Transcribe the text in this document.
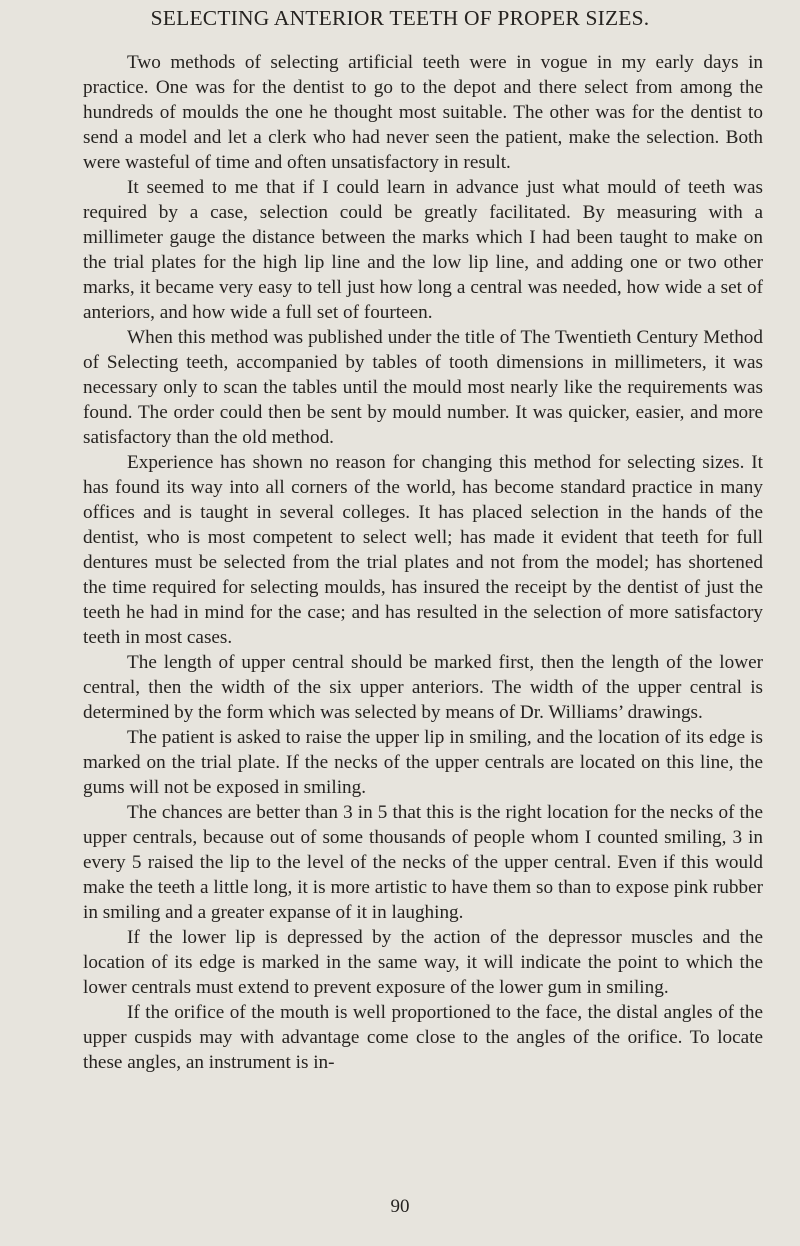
SELECTING ANTERIOR TEETH OF PROPER SIZES.

Two methods of selecting artificial teeth were in vogue in my early days in practice. One was for the dentist to go to the depot and there select from among the hundreds of moulds the one he thought most suitable. The other was for the dentist to send a model and let a clerk who had never seen the patient, make the selection. Both were wasteful of time and often unsatisfactory in result.

It seemed to me that if I could learn in advance just what mould of teeth was required by a case, selection could be greatly facilitated. By measuring with a millimeter gauge the distance between the marks which I had been taught to make on the trial plates for the high lip line and the low lip line, and adding one or two other marks, it became very easy to tell just how long a central was needed, how wide a set of anteriors, and how wide a full set of fourteen.

When this method was published under the title of The Twentieth Century Method of Selecting teeth, accompanied by tables of tooth dimensions in millimeters, it was necessary only to scan the tables until the mould most nearly like the requirements was found. The order could then be sent by mould number. It was quicker, easier, and more satisfactory than the old method.

Experience has shown no reason for changing this method for selecting sizes. It has found its way into all corners of the world, has become standard practice in many offices and is taught in several colleges. It has placed selection in the hands of the dentist, who is most competent to select well; has made it evident that teeth for full dentures must be selected from the trial plates and not from the model; has shortened the time required for selecting moulds, has insured the receipt by the dentist of just the teeth he had in mind for the case; and has resulted in the selection of more satisfactory teeth in most cases.

The length of upper central should be marked first, then the length of the lower central, then the width of the six upper anteriors. The width of the upper central is determined by the form which was selected by means of Dr. Williams’ drawings.

The patient is asked to raise the upper lip in smiling, and the location of its edge is marked on the trial plate. If the necks of the upper centrals are located on this line, the gums will not be exposed in smiling.

The chances are better than 3 in 5 that this is the right location for the necks of the upper centrals, because out of some thousands of people whom I counted smiling, 3 in every 5 raised the lip to the level of the necks of the upper central. Even if this would make the teeth a little long, it is more artistic to have them so than to expose pink rubber in smiling and a greater expanse of it in laughing.

If the lower lip is depressed by the action of the depressor muscles and the location of its edge is marked in the same way, it will indicate the point to which the lower centrals must extend to prevent exposure of the lower gum in smiling.

If the orifice of the mouth is well proportioned to the face, the distal angles of the upper cuspids may with advantage come close to the angles of the orifice. To locate these angles, an instrument is in-

90
